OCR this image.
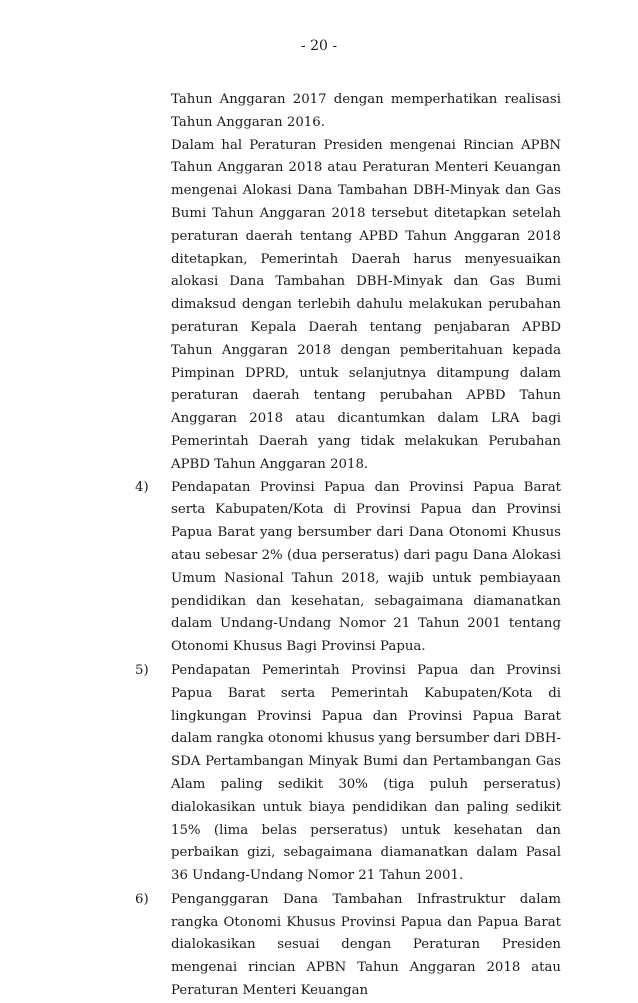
- 20 -

Tahun Anggaran 2017 dengan memperhatikan realisasi Tahun Anggaran 2016.

Dalam hal Peraturan Presiden mengenai Rincian APBN Tahun Anggaran 2018 atau Peraturan Menteri Keuangan mengenai Alokasi Dana Tambahan DBH-Minyak dan Gas Bumi Tahun Anggaran 2018 tersebut ditetapkan setelah peraturan daerah tentang APBD Tahun Anggaran 2018 ditetapkan, Pemerintah Daerah harus menyesuaikan alokasi Dana Tambahan DBH-Minyak dan Gas Bumi dimaksud dengan terlebih dahulu melakukan perubahan peraturan Kepala Daerah tentang penjabaran APBD Tahun Anggaran 2018 dengan pemberitahuan kepada Pimpinan DPRD, untuk selanjutnya ditampung dalam peraturan daerah tentang perubahan APBD Tahun Anggaran 2018 atau dicantumkan dalam LRA bagi Pemerintah Daerah yang tidak melakukan Perubahan APBD Tahun Anggaran 2018.

4) Pendapatan Provinsi Papua dan Provinsi Papua Barat serta Kabupaten/Kota di Provinsi Papua dan Provinsi Papua Barat yang bersumber dari Dana Otonomi Khusus atau sebesar 2% (dua perseratus) dari pagu Dana Alokasi Umum Nasional Tahun 2018, wajib untuk pembiayaan pendidikan dan kesehatan, sebagaimana diamanatkan dalam Undang-Undang Nomor 21 Tahun 2001 tentang Otonomi Khusus Bagi Provinsi Papua.
5) Pendapatan Pemerintah Provinsi Papua dan Provinsi Papua Barat serta Pemerintah Kabupaten/Kota di lingkungan Provinsi Papua dan Provinsi Papua Barat dalam rangka otonomi khusus yang bersumber dari DBH-SDA Pertambangan Minyak Bumi dan Pertambangan Gas Alam paling sedikit 30% (tiga puluh perseratus) dialokasikan untuk biaya pendidikan dan paling sedikit 15% (lima belas perseratus) untuk kesehatan dan perbaikan gizi, sebagaimana diamanatkan dalam Pasal 36 Undang-Undang Nomor 21 Tahun 2001.
6) Penganggaran Dana Tambahan Infrastruktur dalam rangka Otonomi Khusus Provinsi Papua dan Papua Barat dialokasikan sesuai dengan Peraturan Presiden mengenai rincian APBN Tahun Anggaran 2018 atau Peraturan Menteri Keuangan
